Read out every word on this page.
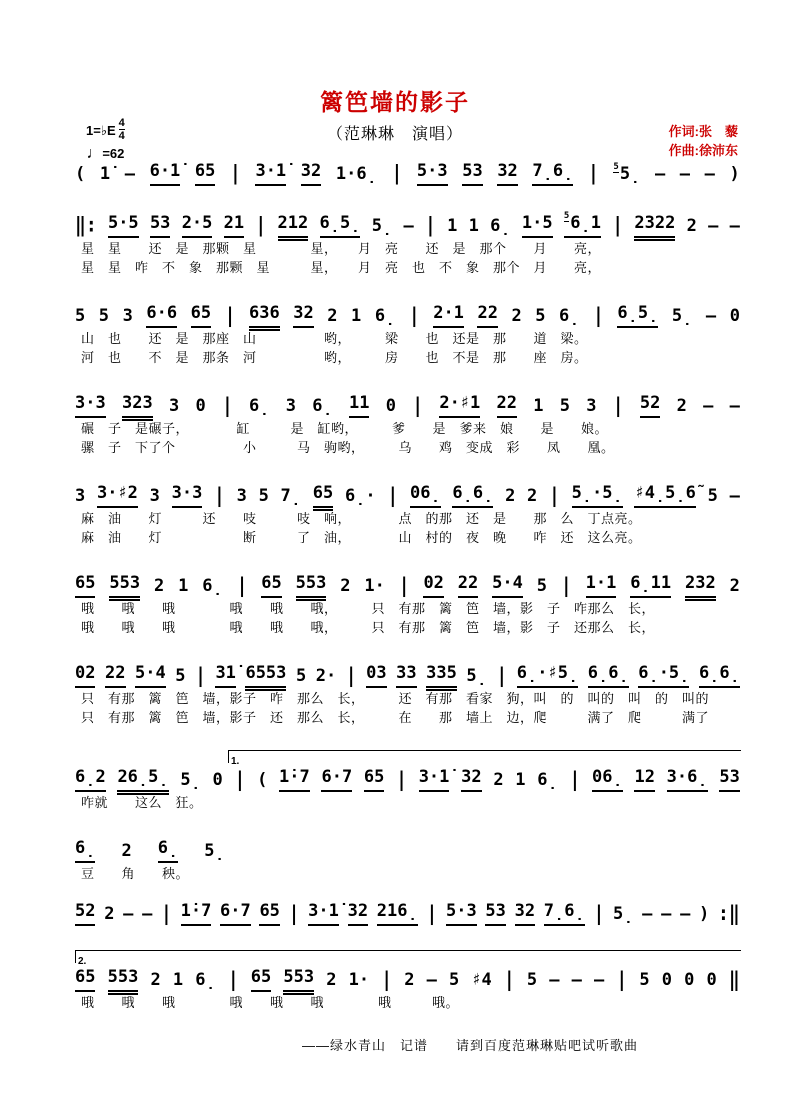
篱笆墙的影子
（范琳琳　演唱）	作词:张　藜
作曲:徐沛东
1=♭E $\frac{4}{4}$
♩=62
( 1̇ – 6·1̇ 65 | 3·1̇ 32 1·6̣ | 5·3 53 32 7̣6̣ | 55̣ – – – )
‖: 5·5 53 2·5 21 | 212 6̣5̣ 5̣ – | 1 1 6̣ 1·5 56̣1 | 2322 2 – –
星　星　　还　是　那颗　星　　　　星，　　月　亮　　还　是　那个　　月　　亮，
星　星　咋　不　象　那颗　星　　　星，　　月　亮　也　不　象　那个　月　　亮，
5 5 3 6·6 65 | 636 32 2 1 6̣ | 2·1 22 2 5 6̣ | 6̣5̣ 5̣ – 0
山　也　　还　是　那座　山　　　　　哟，　　　梁　　也　还是　那　　道　梁。
河　也　　不　是　那条　河　　　　　哟，　　　房　　也　不是　那　　座　房。
3·3 323 3 0 | 6̣ 3 6̣ 11 0 | 2·♯1 22 1 5 3 | 52 2 – –
碾　子　是碾子，　　　　缸　　　是　缸哟，　　　爹　　是　爹来　娘　　是　　娘。
骡　子　下了个　　　　　小　　　马　驹哟，　　　乌　　鸡　变成　彩　　凤　　凰。
3 3·♯2 3 3·3 | 3 5 7̣ 65 6̣· | 06̣ 6̣6̣ 2 2 | 5̣·5̣ ♯4̣5̣6̃ 5 –
麻　油　　灯　　　还　　吱　　　吱　响，　　　　点　的那　还　是　　那　么　丁点亮。
麻　油　　灯　　　　　　断　　　了　油，　　　　山　村的　夜　晚　　咋　还　这么亮。
65 553 2 1 6̣ | 65 553 2 1· | 02 22 5·4 5 | 1·1 6̣11 232 2
哦　　哦　　哦　　　　哦　　哦　　哦，　　　只　有那　篱　笆　墙，影　子　咋那么　长，
哦　　哦　　哦　　　　哦　　哦　　哦，　　　只　有那　篱　笆　墙，影　子　还那么　长，
02 22 5·4 5 | 31̇ 6553 5 2· | 03 33 335 5̣ | 6̣·♯5̣ 6̣6̣ 6̣·5̣ 6̣6̣
只　有那　篱　笆　墙，影子　咋　那么　长，　　　还　有那　看家　狗，叫　的　叫的　叫　的　叫的
只　有那　篱　笆　墙，影子　还　那么　长，　　　在　　那　墙上　边，爬　　　满了　爬　　　满了
1.
6̣2 26̣5̣ 5̣ 0 | ( 1̇·7 6·7 65 | 3·1̇ 32 2 1 6̣ | 06̣ 12 3·6̣ 53
咋就　　这么　狂。
6̣ 2 6̣ 5̣
豆　　角　　秧。
52 2 – – | 1̇·7 6·7 65 | 3·1̇ 32 216̣ | 5·3 53 32 7̣6̣ | 5̣ – – – ) :‖
2.
65 553 2 1 6̣ | 65 553 2 1· | 2 – 5 ♯4 | 5 – – – | 5 0 0 0 ‖
哦　　哦　　哦　　　　哦　　哦　　哦　　　　哦　　　哦。
——绿水青山　记谱　　请到百度范琳琳贴吧试听歌曲
